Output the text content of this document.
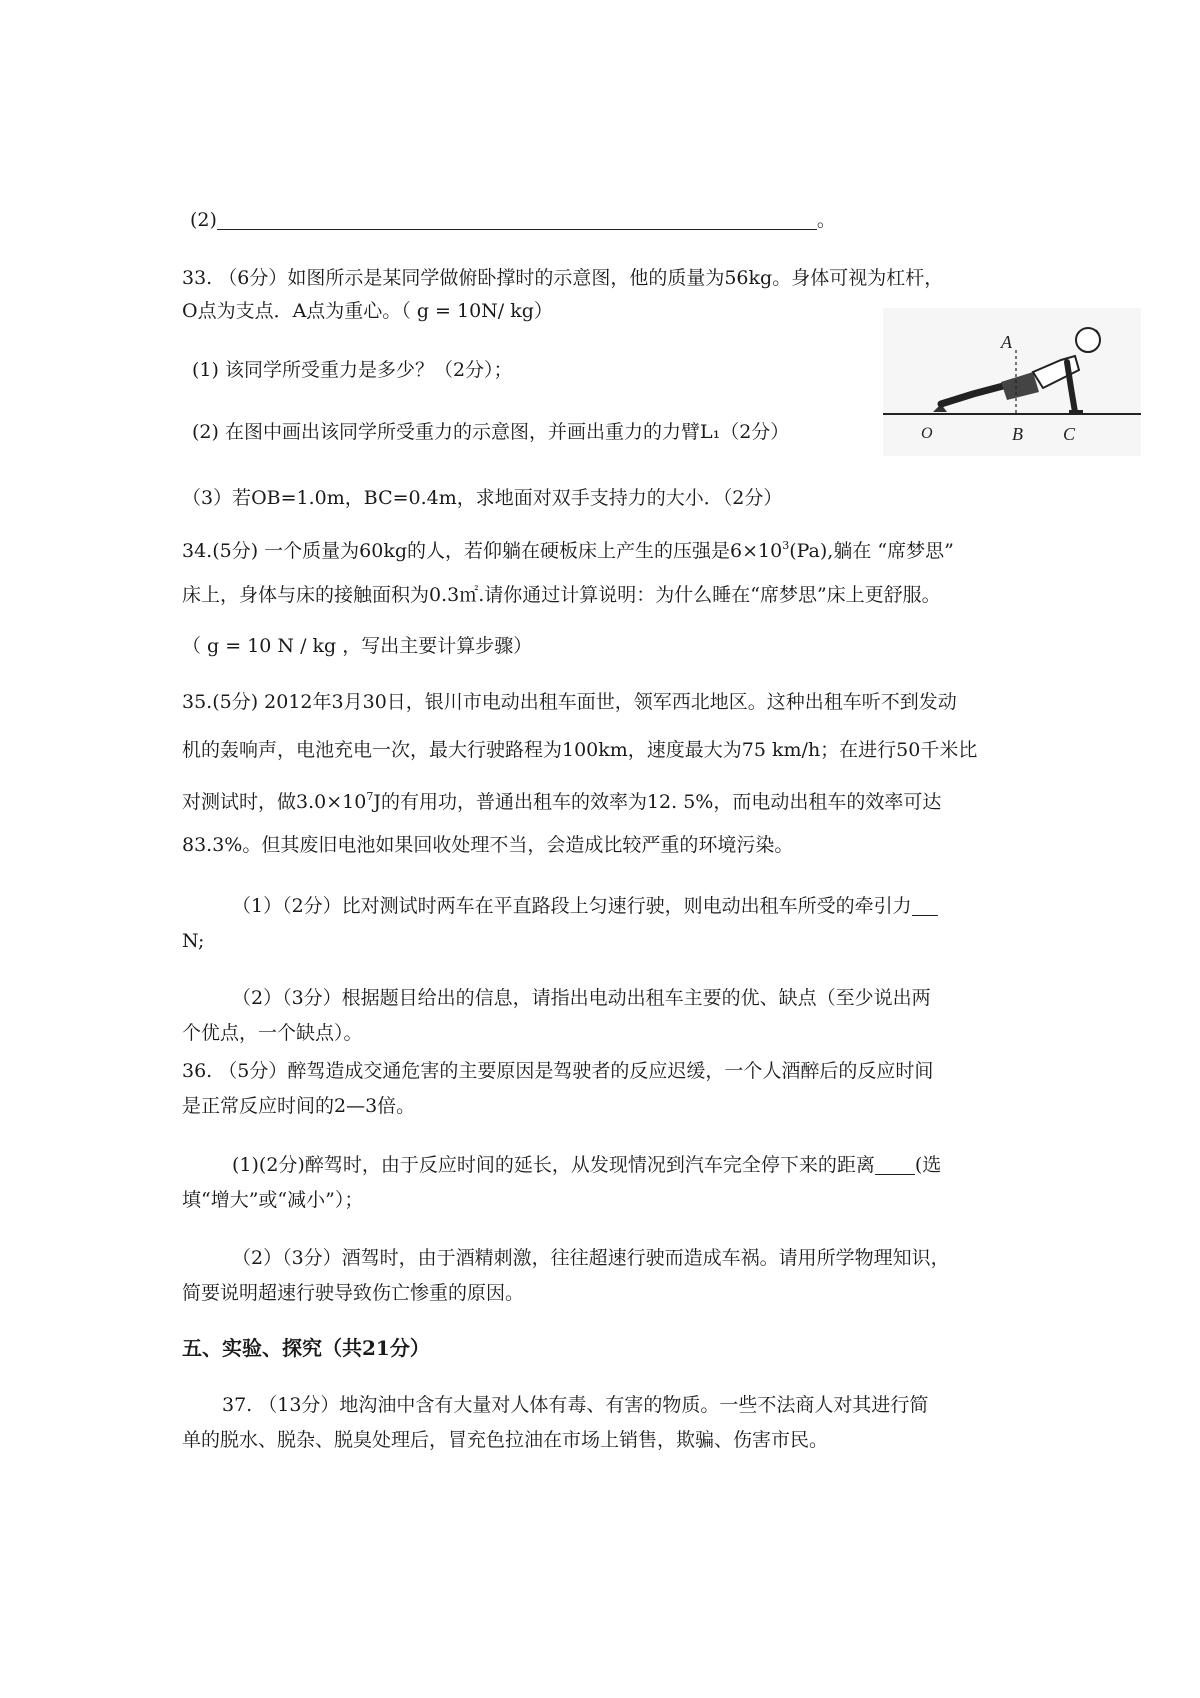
(2)	。
33. （6分）如图所示是某同学做俯卧撑时的示意图，他的质量为56kg。身体可视为杠杆，
O点为支点．A点为重心。（ g = 10N/ kg）
(1) 该同学所受重力是多少？（2分）；
(2) 在图中画出该同学所受重力的示意图，并画出重力的力臂L₁（2分）
（3）若OB=1.0m，BC=0.4m，求地面对双手支持力的大小．（2分）
A
O	B C
34.(5分) 一个质量为60kg的人，若仰躺在硬板床上产生的压强是$6\times 10^3(Pa)$,躺在 “席梦思”
床上，身体与床的接触面积为0.3㎡.请你通过计算说明：为什么睡在“席梦思”床上更舒服。
（ g = 10 N / kg ，写出主要计算步骤）
35.(5分) 2012年3月30日，银川市电动出租车面世，领军西北地区。这种出租车听不到发动
机的轰响声，电池充电一次，最大行驶路程为100km，速度最大为75 km/h；在进行50千米比
对测试时，做$3.0\times 10^7J$的有用功，普通出租车的效率为12. 5%，而电动出租车的效率可达
83.3%。但其废旧电池如果回收处理不当，会造成比较严重的环境污染。
（1）（2分）比对测试时两车在平直路段上匀速行驶，则电动出租车所受的牵引力
N;
（2）（3分）根据题目给出的信息，请指出电动出租车主要的优、缺点（至少说出两
个优点，一个缺点）。
36. （5分）醉驾造成交通危害的主要原因是驾驶者的反应迟缓，一个人酒醉后的反应时间
是正常反应时间的2—3倍。
(1)(2分)醉驾时，由于反应时间的延长，从发现情况到汽车完全停下来的距离 (选
填“增大”或“减小”）；
（2）（3分）酒驾时，由于酒精刺激，往往超速行驶而造成车祸。请用所学物理知识，
简要说明超速行驶导致伤亡惨重的原因。
五、实验、探究（共21分）
37. （13分）地沟油中含有大量对人体有毒、有害的物质。一些不法商人对其进行简
单的脱水、脱杂、脱臭处理后，冒充色拉油在市场上销售，欺骗、伤害市民。
